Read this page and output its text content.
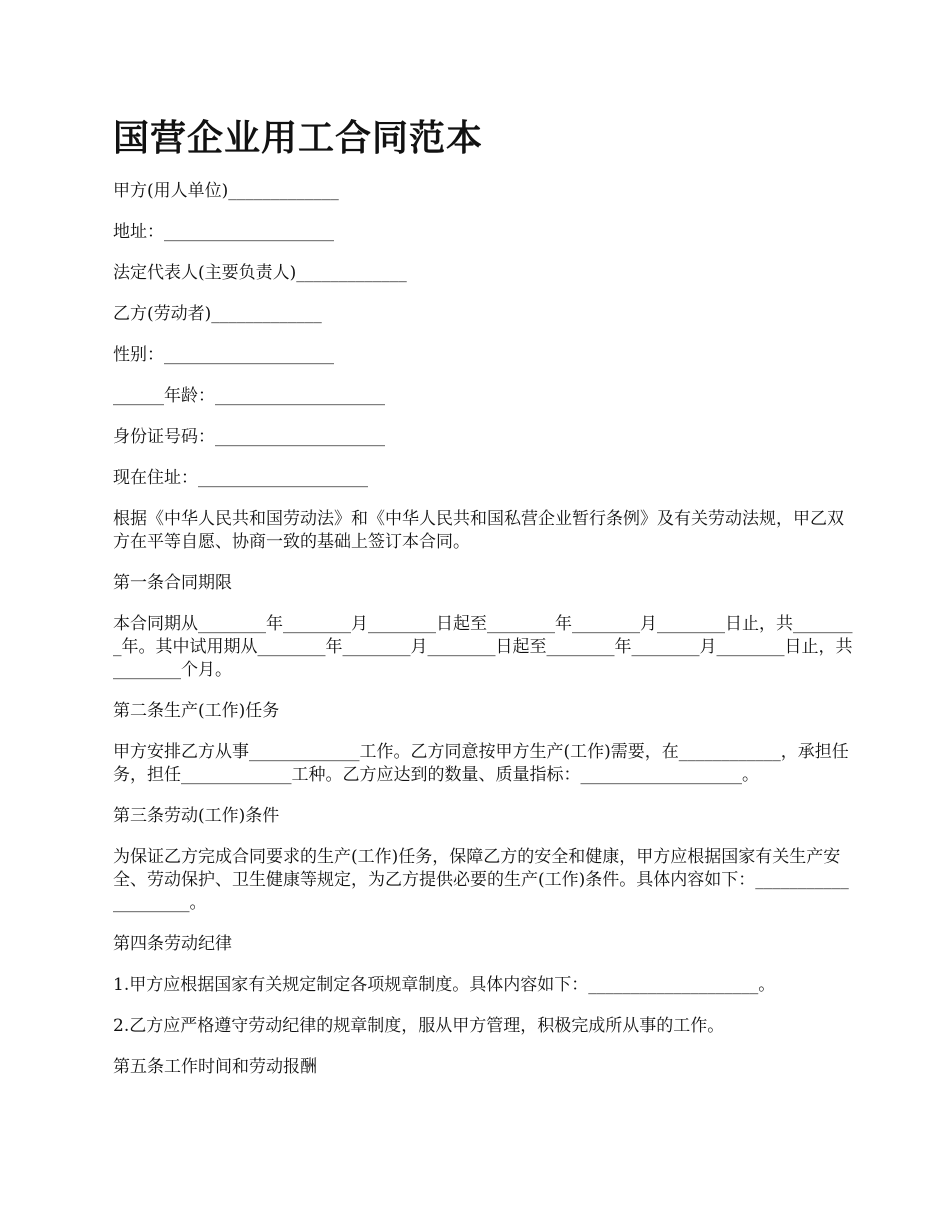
国营企业用工合同范本
甲方(用人单位)_____________
地址：____________________
法定代表人(主要负责人)_____________
乙方(劳动者)_____________
性别：____________________
______年龄：____________________
身份证号码：____________________
现在住址：____________________
根据《中华人民共和国劳动法》和《中华人民共和国私营企业暂行条例》及有关劳动法规，甲乙双方在平等自愿、协商一致的基础上签订本合同。
第一条合同期限
本合同期从________年________月________日起至________年________月________日止，共________年。其中试用期从________年________月________日起至________年________月________日止，共________个月。
第二条生产(工作)任务
甲方安排乙方从事_____________工作。乙方同意按甲方生产(工作)需要，在____________，承担任务，担任_____________工种。乙方应达到的数量、质量指标：___________________。
第三条劳动(工作)条件
为保证乙方完成合同要求的生产(工作)任务，保障乙方的安全和健康，甲方应根据国家有关生产安全、劳动保护、卫生健康等规定，为乙方提供必要的生产(工作)条件。具体内容如下：____________________。
第四条劳动纪律
1.甲方应根据国家有关规定制定各项规章制度。具体内容如下：____________________。
2.乙方应严格遵守劳动纪律的规章制度，服从甲方管理，积极完成所从事的工作。
第五条工作时间和劳动报酬
